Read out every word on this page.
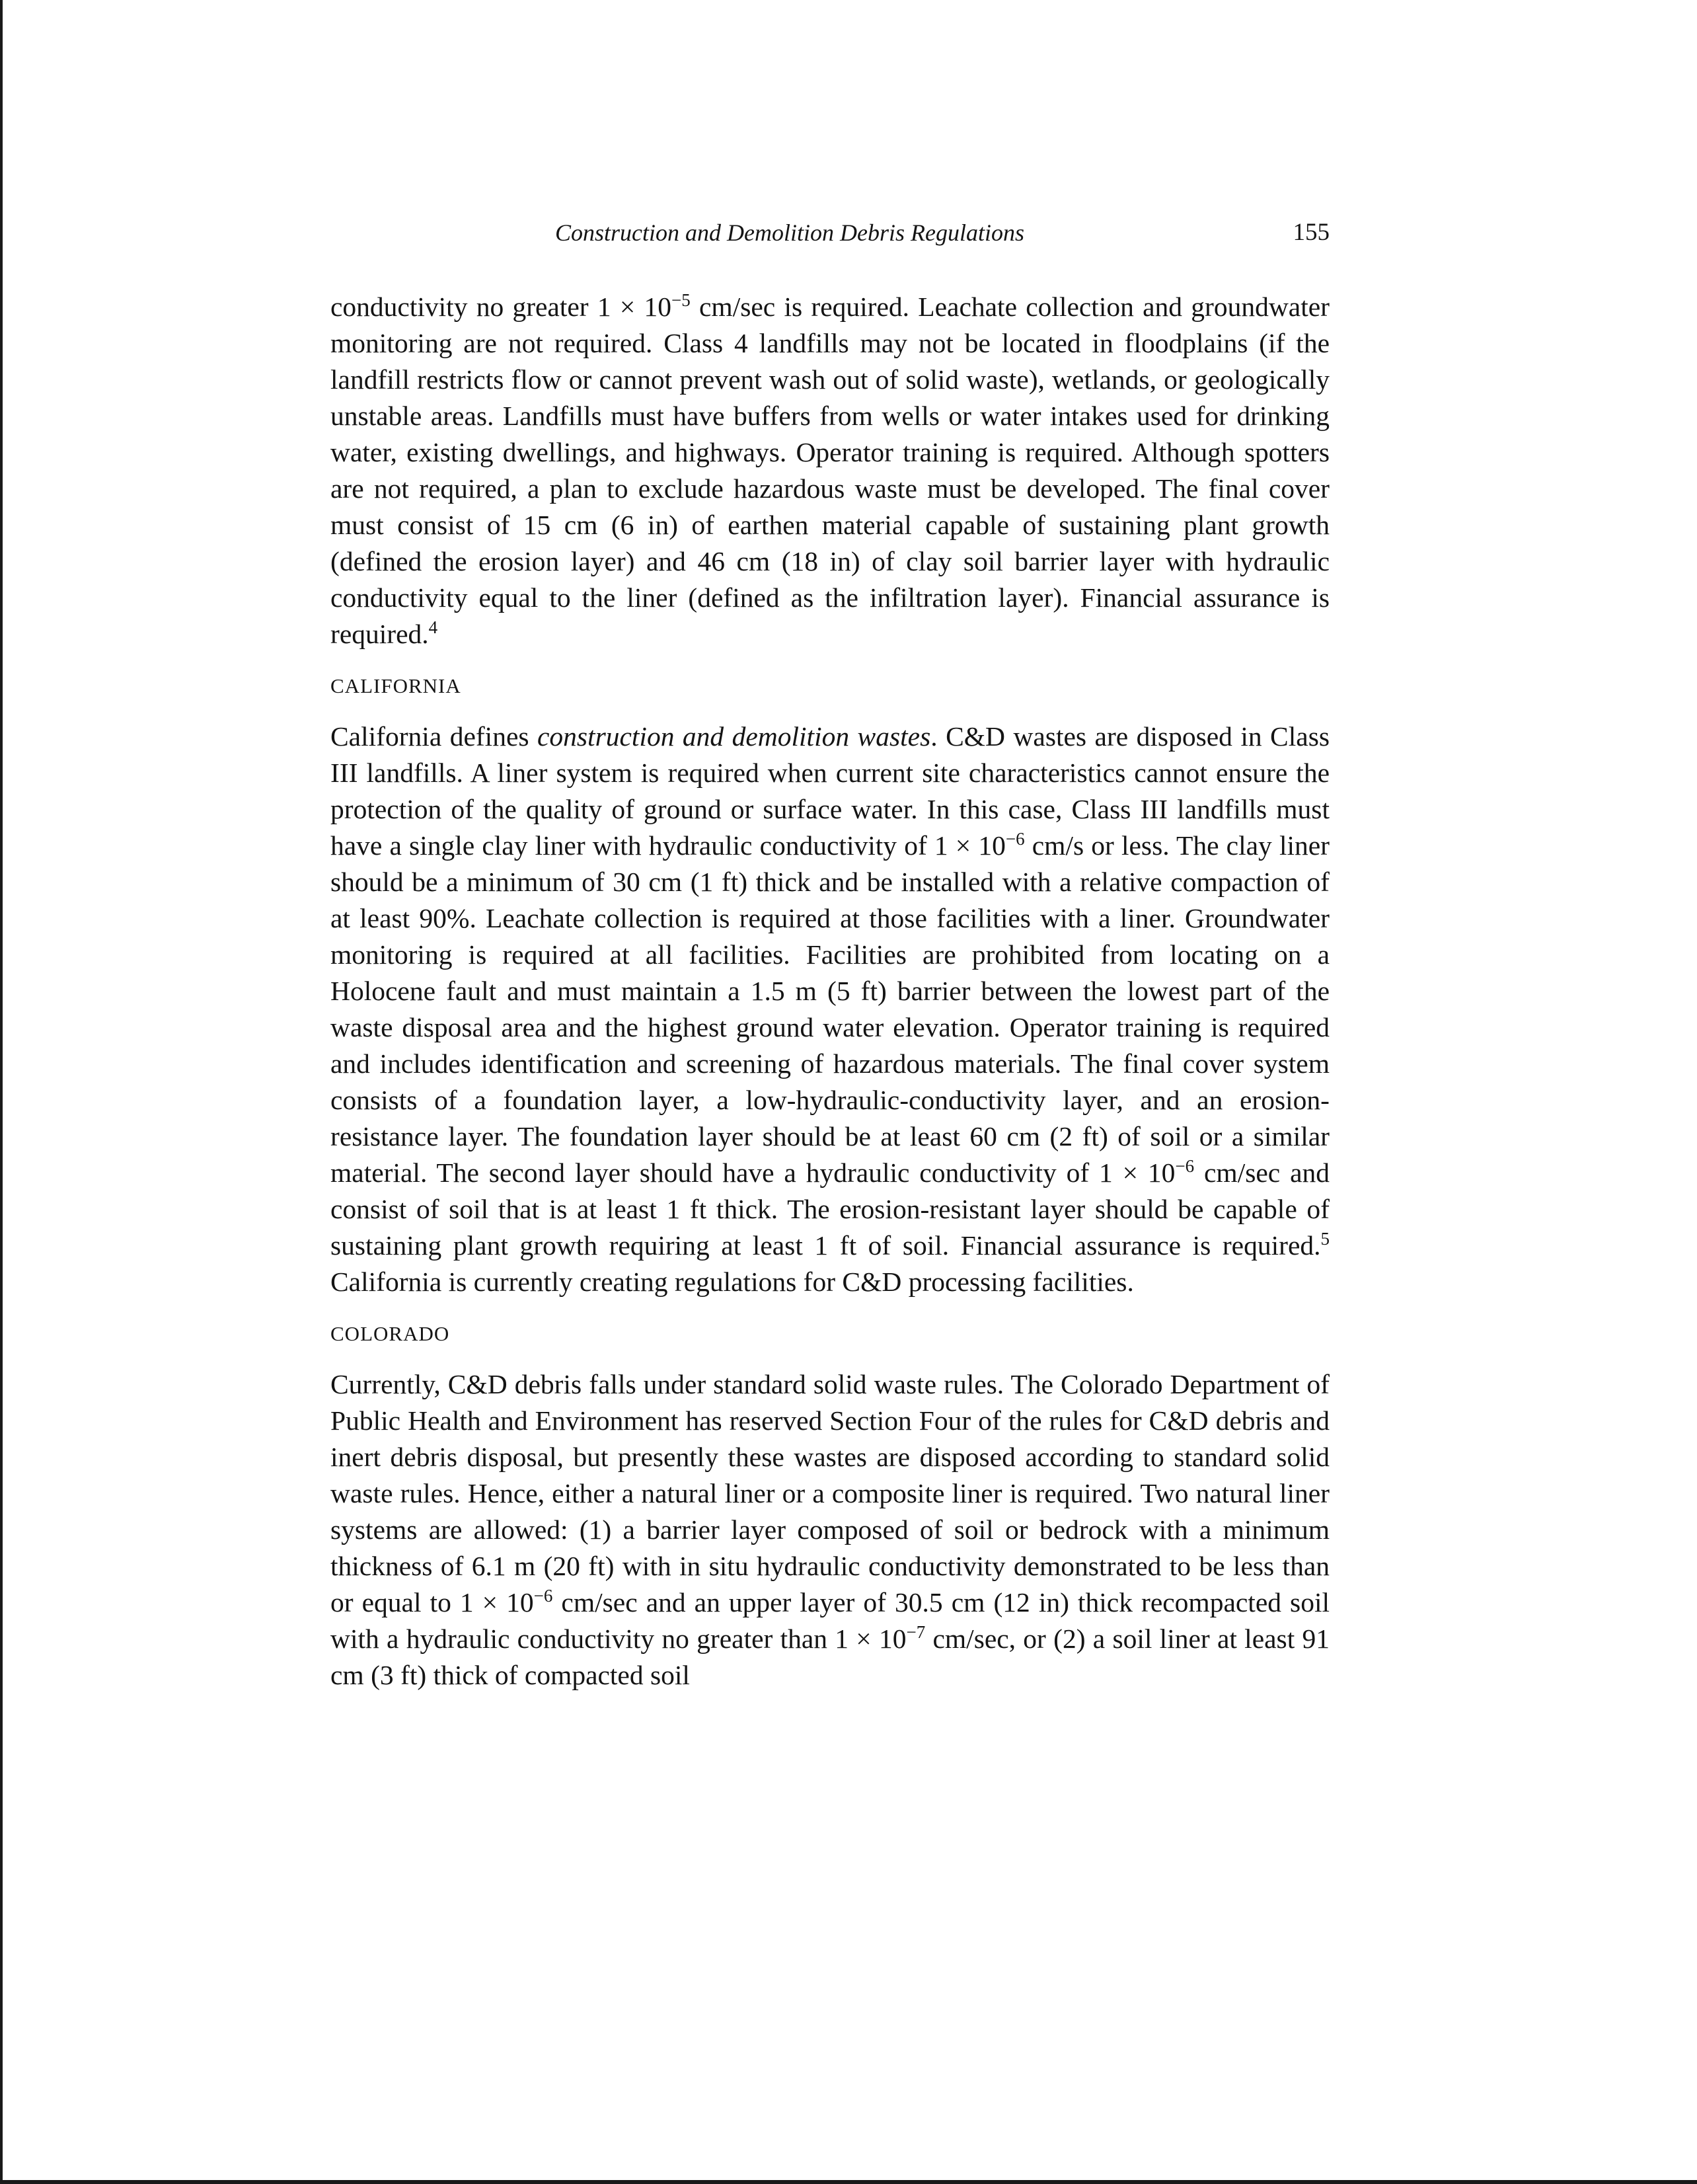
Construction and Demolition Debris Regulations	155

conductivity no greater $1 \times 10^{-5}$ cm/sec is required. Leachate collection and groundwater monitoring are not required. Class 4 landfills may not be located in floodplains (if the landfill restricts flow or cannot prevent wash out of solid waste), wetlands, or geologically unstable areas. Landfills must have buffers from wells or water intakes used for drinking water, existing dwellings, and highways. Operator training is required. Although spotters are not required, a plan to exclude hazardous waste must be developed. The final cover must consist of 15 cm (6 in) of earthen material capable of sustaining plant growth (defined the erosion layer) and 46 cm (18 in) of clay soil barrier layer with hydraulic conductivity equal to the liner (defined as the infiltration layer). Financial assurance is required.$^4$

CALIFORNIA

California defines construction and demolition wastes. C&D wastes are disposed in Class III landfills. A liner system is required when current site characteristics cannot ensure the protection of the quality of ground or surface water. In this case, Class III landfills must have a single clay liner with hydraulic conductivity of $1 \times 10^{-6}$ cm/s or less. The clay liner should be a minimum of 30 cm (1 ft) thick and be installed with a relative compaction of at least 90%. Leachate collection is required at those facilities with a liner. Groundwater monitoring is required at all facilities. Facilities are prohibited from locating on a Holocene fault and must maintain a 1.5 m (5 ft) barrier between the lowest part of the waste disposal area and the highest ground water elevation. Operator training is required and includes identification and screening of hazardous materials. The final cover system consists of a foundation layer, a low-hydraulic-conductivity layer, and an erosion-resistance layer. The foundation layer should be at least 60 cm (2 ft) of soil or a similar material. The second layer should have a hydraulic conductivity of $1 \times 10^{-6}$ cm/sec and consist of soil that is at least 1 ft thick. The erosion-resistant layer should be capable of sustaining plant growth requiring at least 1 ft of soil. Financial assurance is required.$^5$ California is currently creating regulations for C&D processing facilities.

COLORADO

Currently, C&D debris falls under standard solid waste rules. The Colorado Department of Public Health and Environment has reserved Section Four of the rules for C&D debris and inert debris disposal, but presently these wastes are disposed according to standard solid waste rules. Hence, either a natural liner or a composite liner is required. Two natural liner systems are allowed: (1) a barrier layer composed of soil or bedrock with a minimum thickness of 6.1 m (20 ft) with in situ hydraulic conductivity demonstrated to be less than or equal to $1 \times 10^{-6}$ cm/sec and an upper layer of 30.5 cm (12 in) thick recompacted soil with a hydraulic conductivity no greater than $1 \times 10^{-7}$ cm/sec, or (2) a soil liner at least 91 cm (3 ft) thick of compacted soil
